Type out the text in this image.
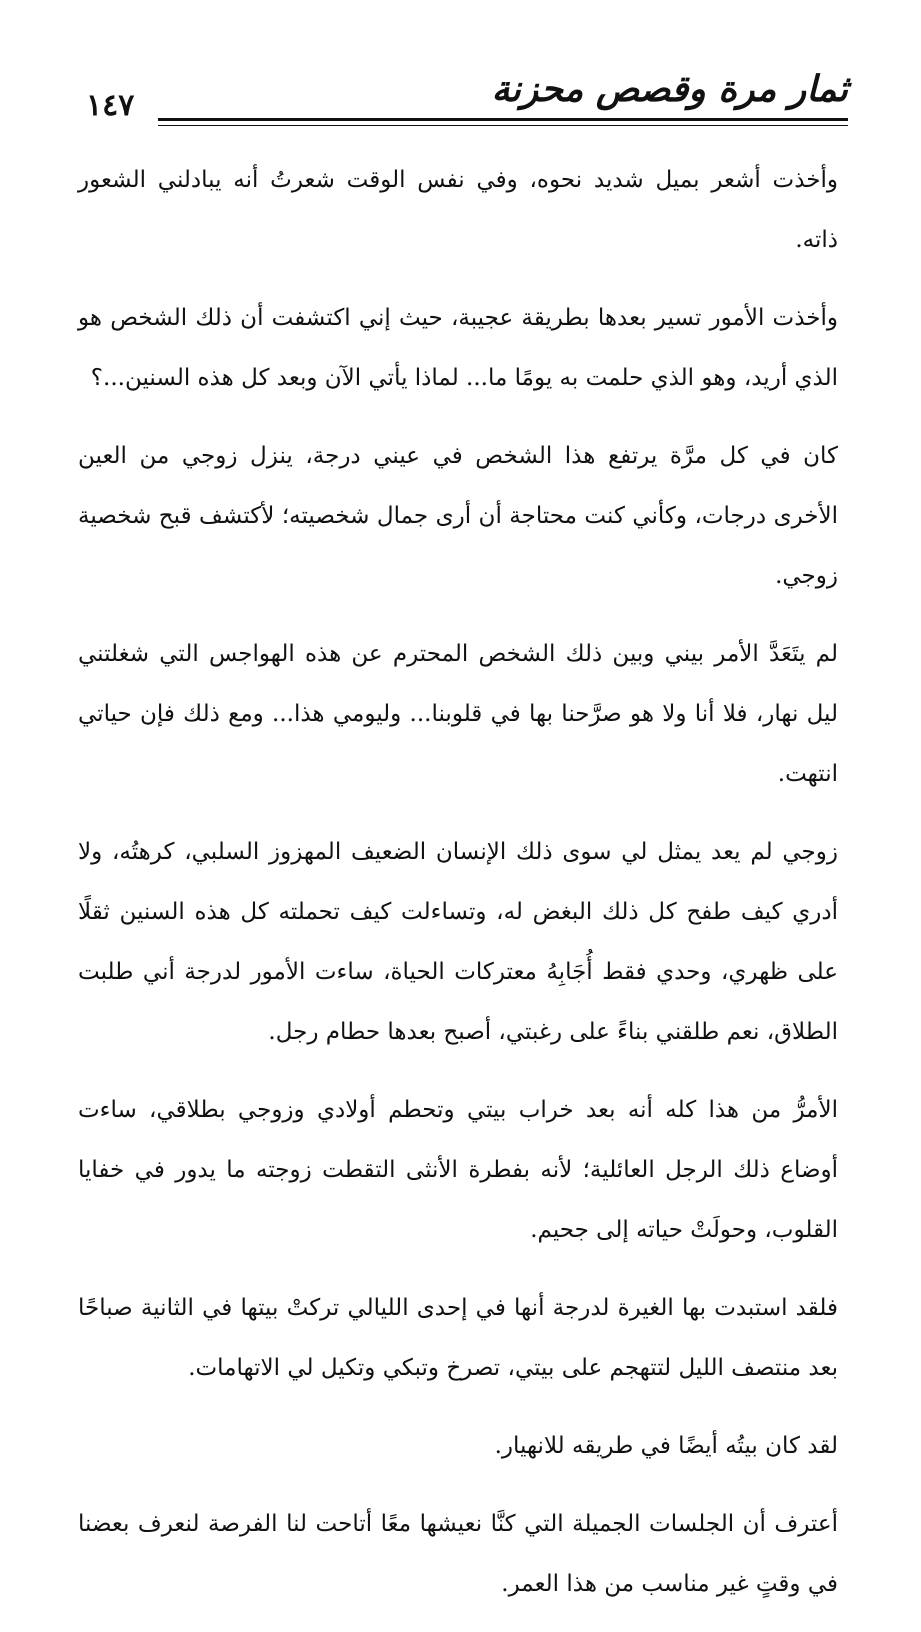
١٤٧	ثمار مرة وقصص محزنة

وأخذت أشعر بميل شديد نحوه، وفي نفس الوقت شعرتُ أنه يبادلني الشعور ذاته.

وأخذت الأمور تسير بعدها بطريقة عجيبة، حيث إني اكتشفت أن ذلك الشخص هو الذي أريد، وهو الذي حلمت به يومًا ما... لماذا يأتي الآن وبعد كل هذه السنين...؟

كان في كل مرَّة يرتفع هذا الشخص في عيني درجة، ينزل زوجي من العين الأخرى درجات، وكأني كنت محتاجة أن أرى جمال شخصيته؛ لأكتشف قبح شخصية زوجي.

لم يتَعَدَّ الأمر بيني وبين ذلك الشخص المحترم عن هذه الهواجس التي شغلتني ليل نهار، فلا أنا ولا هو صرَّحنا بها في قلوبنا... وليومي هذا... ومع ذلك فإن حياتي انتهت.

زوجي لم يعد يمثل لي سوى ذلك الإنسان الضعيف المهزوز السلبي، كرهتُه، ولا أدري كيف طفح كل ذلك البغض له، وتساءلت كيف تحملته كل هذه السنين ثقلًا على ظهري، وحدي فقط أُجَابِهُ معتركات الحياة، ساءت الأمور لدرجة أني طلبت الطلاق، نعم طلقني بناءً على رغبتي، أصبح بعدها حطام رجل.

الأمرُّ من هذا كله أنه بعد خراب بيتي وتحطم أولادي وزوجي بطلاقي، ساءت أوضاع ذلك الرجل العائلية؛ لأنه بفطرة الأنثى التقطت زوجته ما يدور في خفايا القلوب، وحولَتْ حياته إلى جحيم.

فلقد استبدت بها الغيرة لدرجة أنها في إحدى الليالي تركتْ بيتها في الثانية صباحًا بعد منتصف الليل لتتهجم على بيتي، تصرخ وتبكي وتكيل لي الاتهامات.

لقد كان بيتُه أيضًا في طريقه للانهيار.

أعترف أن الجلسات الجميلة التي كنَّا نعيشها معًا أتاحت لنا الفرصة لنعرف بعضنا في وقتٍ غير مناسب من هذا العمر.
